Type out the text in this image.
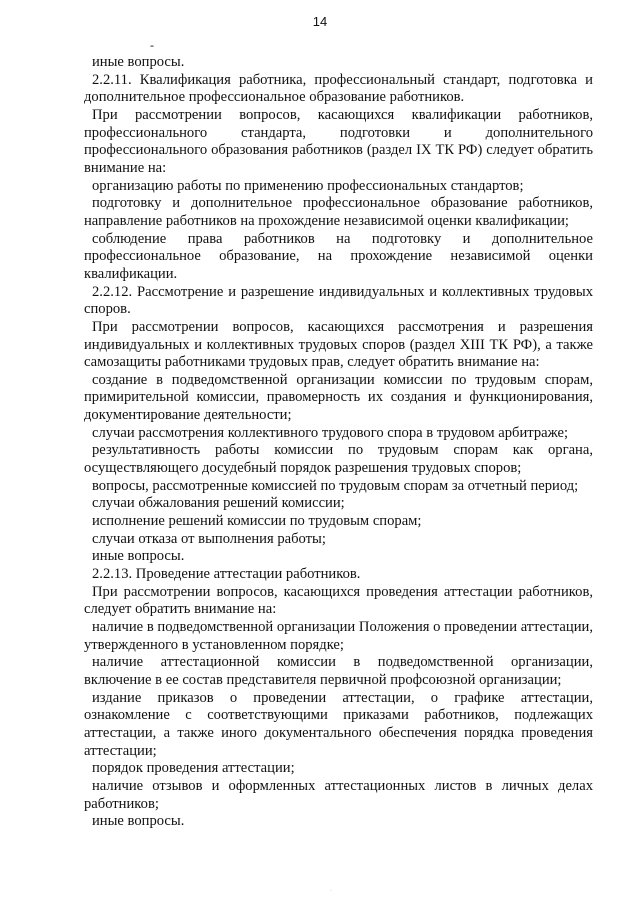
14
-

иные вопросы.

2.2.11. Квалификация работника, профессиональный стандарт, подготовка и дополнительное профессиональное образование работников.

При рассмотрении вопросов, касающихся квалификации работников, профессионального стандарта, подготовки и дополнительного профессионального образования работников (раздел IX ТК РФ) следует обратить внимание на:

организацию работы по применению профессиональных стандартов;

подготовку и дополнительное профессиональное образование работников, направление работников на прохождение независимой оценки квалификации;

соблюдение права работников на подготовку и дополнительное профессиональное образование, на прохождение независимой оценки квалификации.

2.2.12. Рассмотрение и разрешение индивидуальных и коллективных трудовых споров.

При рассмотрении вопросов, касающихся рассмотрения и разрешения индивидуальных и коллективных трудовых споров (раздел XIII ТК РФ), а также самозащиты работниками трудовых прав, следует обратить внимание на:

создание в подведомственной организации комиссии по трудовым спорам, примирительной комиссии, правомерность их создания и функционирования, документирование деятельности;

случаи рассмотрения коллективного трудового спора в трудовом арбитраже;

результативность работы комиссии по трудовым спорам как органа, осуществляющего досудебный порядок разрешения трудовых споров;

вопросы, рассмотренные комиссией по трудовым спорам за отчетный период;

случаи обжалования решений комиссии;

исполнение решений комиссии по трудовым спорам;

случаи отказа от выполнения работы;

иные вопросы.

2.2.13. Проведение аттестации работников.

При рассмотрении вопросов, касающихся проведения аттестации работников, следует обратить внимание на:

наличие в подведомственной организации Положения о проведении аттестации, утвержденного в установленном порядке;

наличие аттестационной комиссии в подведомственной организации, включение в ее состав представителя первичной профсоюзной организации;

издание приказов о проведении аттестации, о графике аттестации, ознакомление с соответствующими приказами работников, подлежащих аттестации, а также иного документального обеспечения порядка проведения аттестации;

порядок проведения аттестации;

наличие отзывов и оформленных аттестационных листов в личных делах работников;

иные вопросы.

·
